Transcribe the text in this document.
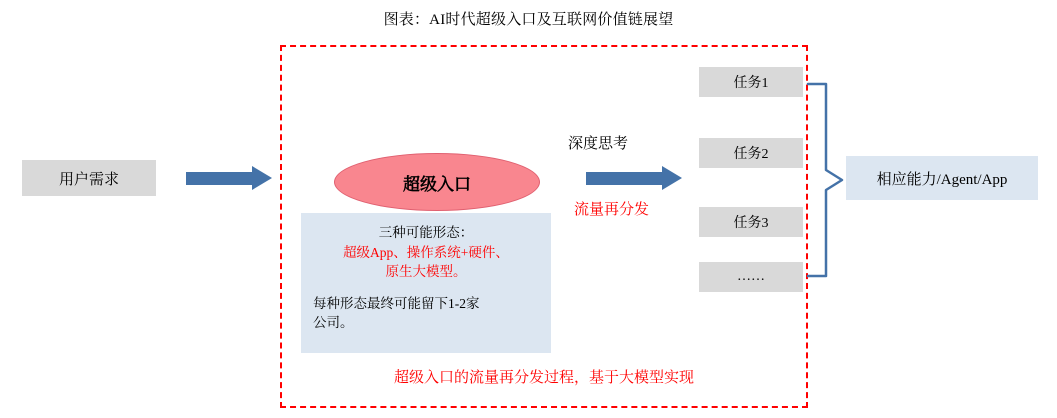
图表：AI时代超级入口及互联网价值链展望
用户需求	超级入口
三种可能形态：
超级App、操作系统+硬件、
原生大模型。
每种形态最终可能留下1-2家
公司。
深度思考
流量再分发
任务1
任务2
任务3
……
相应能力/Agent/App
超级入口的流量再分发过程，基于大模型实现
